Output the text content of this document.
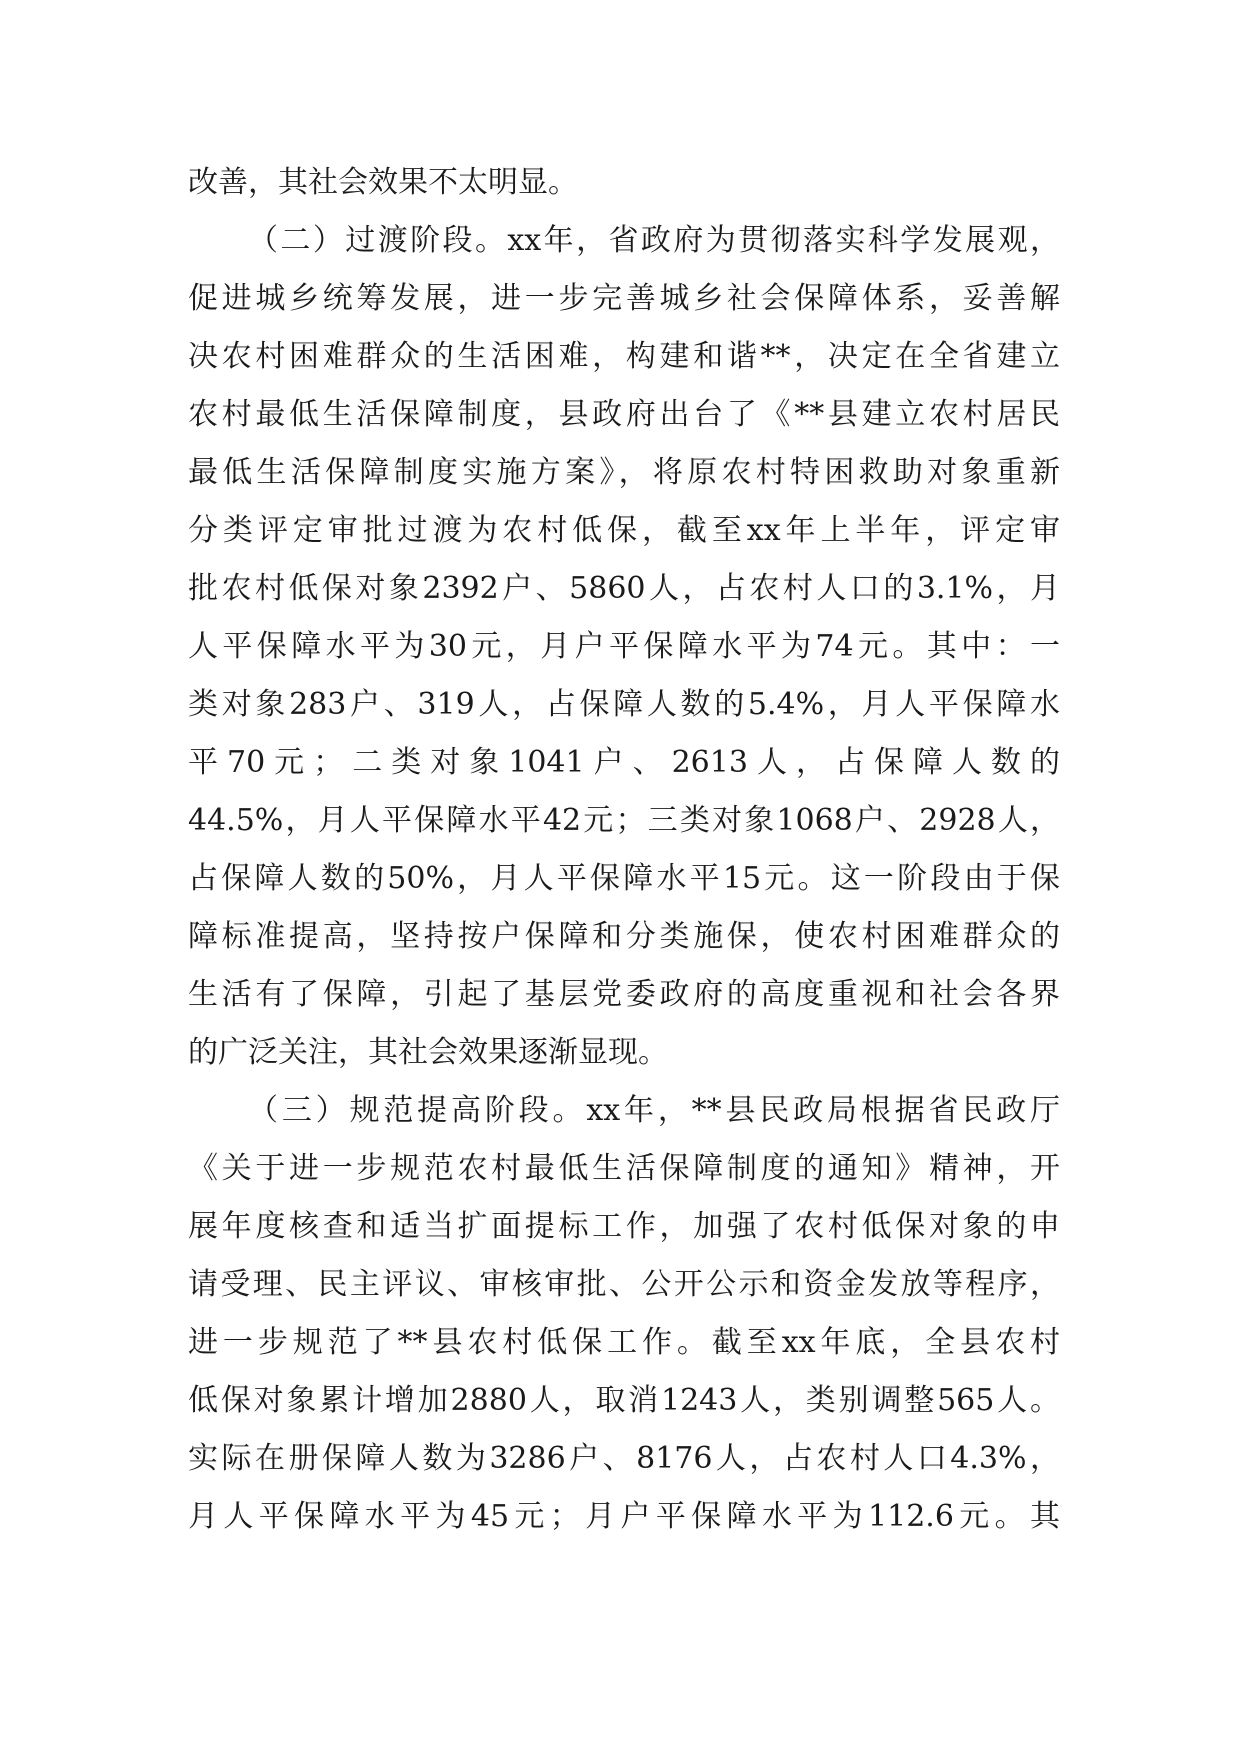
改善，其社会效果不太明显。
（二）过渡阶段。xx年，省政府为贯彻落实科学发展观，
促进城乡统筹发展，进一步完善城乡社会保障体系，妥善解
决农村困难群众的生活困难，构建和谐**，决定在全省建立
农村最低生活保障制度，县政府出台了《**县建立农村居民
最低生活保障制度实施方案》，将原农村特困救助对象重新
分类评定审批过渡为农村低保，截至xx年上半年，评定审
批农村低保对象2392户、5860人，占农村人口的3.1%，月
人平保障水平为30元，月户平保障水平为74元。其中：一
类对象283户、319人，占保障人数的5.4%，月人平保障水
平70元；二类对象1041户、2613人，占保障人数的
44.5%，月人平保障水平42元；三类对象1068户、2928人，
占保障人数的50%，月人平保障水平15元。这一阶段由于保
障标准提高，坚持按户保障和分类施保，使农村困难群众的
生活有了保障，引起了基层党委政府的高度重视和社会各界
的广泛关注，其社会效果逐渐显现。
（三）规范提高阶段。xx年，**县民政局根据省民政厅
《关于进一步规范农村最低生活保障制度的通知》精神，开
展年度核查和适当扩面提标工作，加强了农村低保对象的申
请受理、民主评议、审核审批、公开公示和资金发放等程序，
进一步规范了**县农村低保工作。截至xx年底，全县农村
低保对象累计增加2880人，取消1243人，类别调整565人。
实际在册保障人数为3286户、8176人，占农村人口4.3%，
月人平保障水平为45元；月户平保障水平为112.6元。其
